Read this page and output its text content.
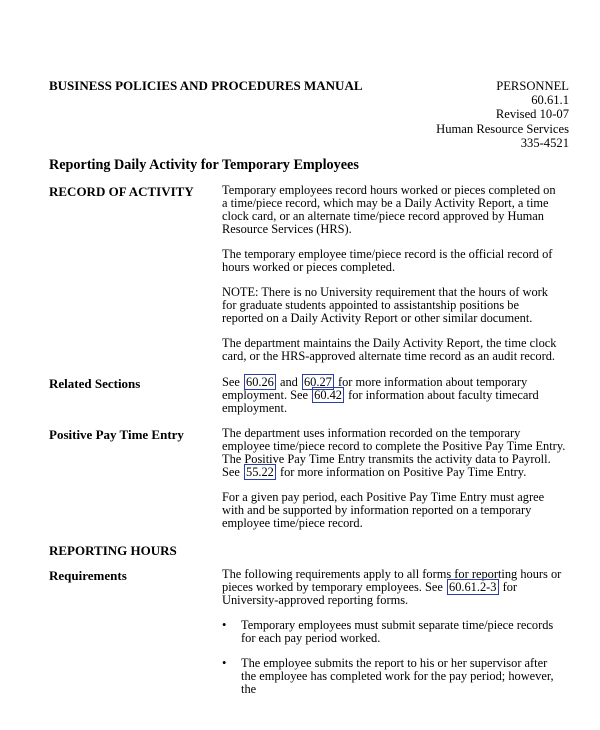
BUSINESS POLICIES AND PROCEDURES MANUAL	PERSONNEL
60.61.1
Revised 10-07
Human Resource Services
335-4521
Reporting Daily Activity for Temporary Employees
RECORD OF ACTIVITY Temporary employees record hours worked or pieces completed on
a time/piece record, which may be a Daily Activity Report, a time
clock card, or an alternate time/piece record approved by Human
Resource Services (HRS).
The temporary employee time/piece record is the official record of
hours worked or pieces completed.
NOTE: There is no University requirement that the hours of work
for graduate students appointed to assistantship positions be
reported on a Daily Activity Report or other similar document.
The department maintains the Daily Activity Report, the time clock
card, or the HRS-approved alternate time record as an audit record.
Related Sections	See 60.26 and 60.27 for more information about temporary
employment. See 60.42 for information about faculty timecard
employment.
Positive Pay Time Entry	The department uses information recorded on the temporary
employee time/piece record to complete the Positive Pay Time Entry.
The Positive Pay Time Entry transmits the activity data to Payroll.
See 55.22 for more information on Positive Pay Time Entry.
For a given pay period, each Positive Pay Time Entry must agree
with and be supported by information reported on a temporary
employee time/piece record.
REPORTING HOURS
Requirements	The following requirements apply to all forms for reporting hours or
pieces worked by temporary employees. See 60.61.2-3 for
University-approved reporting forms.
• Temporary employees must submit separate time/piece records
for each pay period worked.
• The employee submits the report to his or her supervisor after
the employee has completed work for the pay period; however, the
